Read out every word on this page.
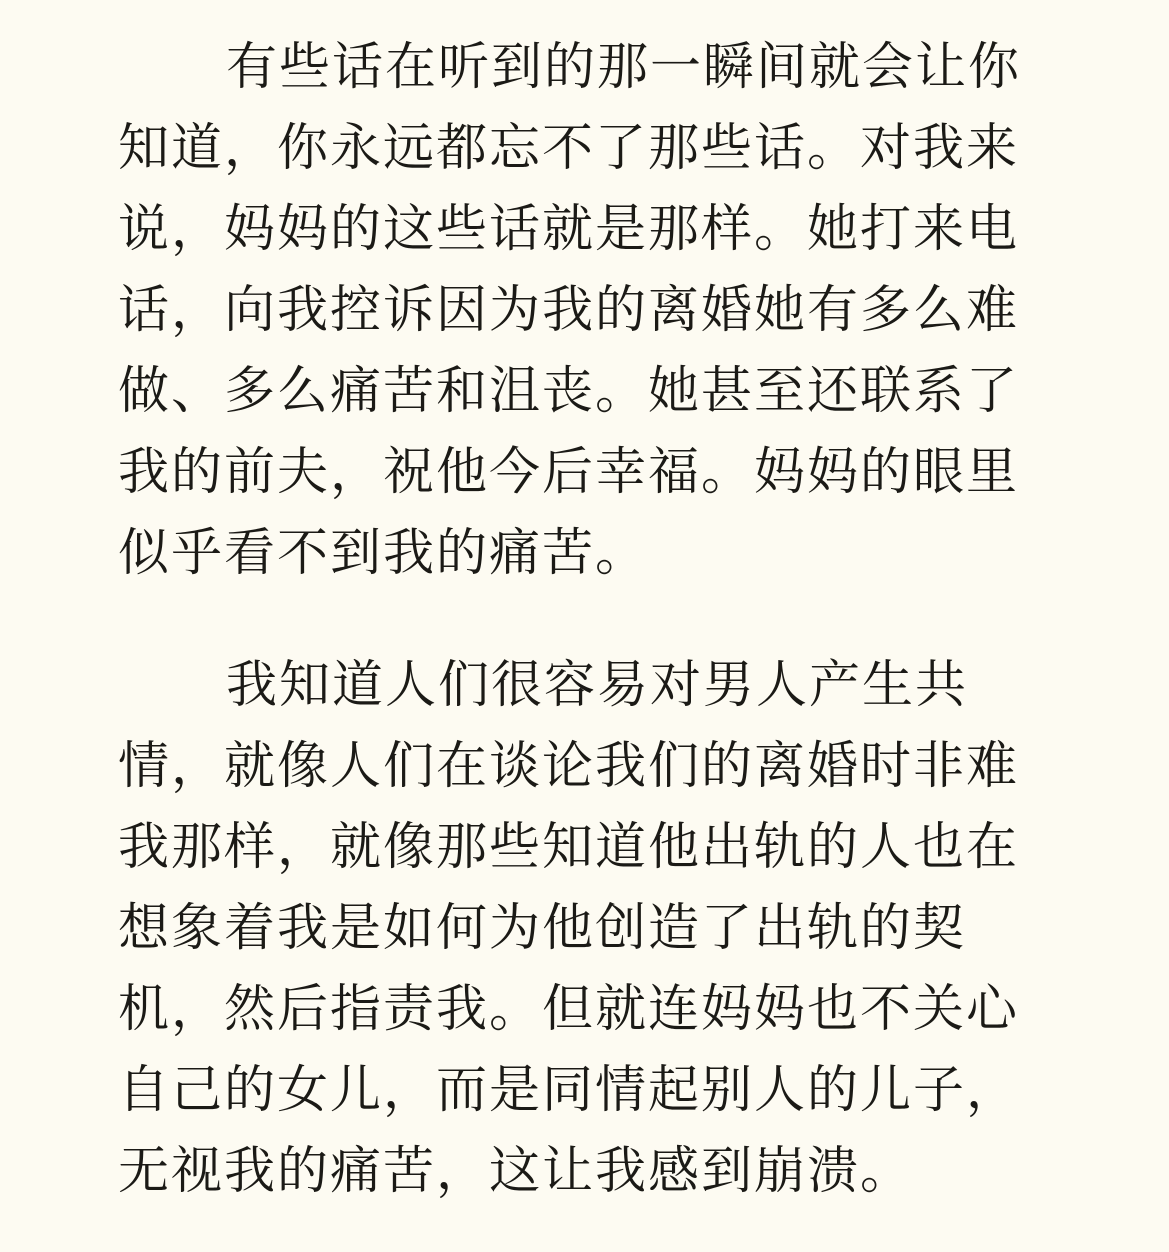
有些话在听到的那一瞬间就会让你
知道，你永远都忘不了那些话。对我来
说，妈妈的这些话就是那样。她打来电
话，向我控诉因为我的离婚她有多么难
做、多么痛苦和沮丧。她甚至还联系了
我的前夫，祝他今后幸福。妈妈的眼里
似乎看不到我的痛苦。
我知道人们很容易对男人产生共
情，就像人们在谈论我们的离婚时非难
我那样，就像那些知道他出轨的人也在
想象着我是如何为他创造了出轨的契
机，然后指责我。但就连妈妈也不关心
自己的女儿，而是同情起别人的儿子，
无视我的痛苦，这让我感到崩溃。
